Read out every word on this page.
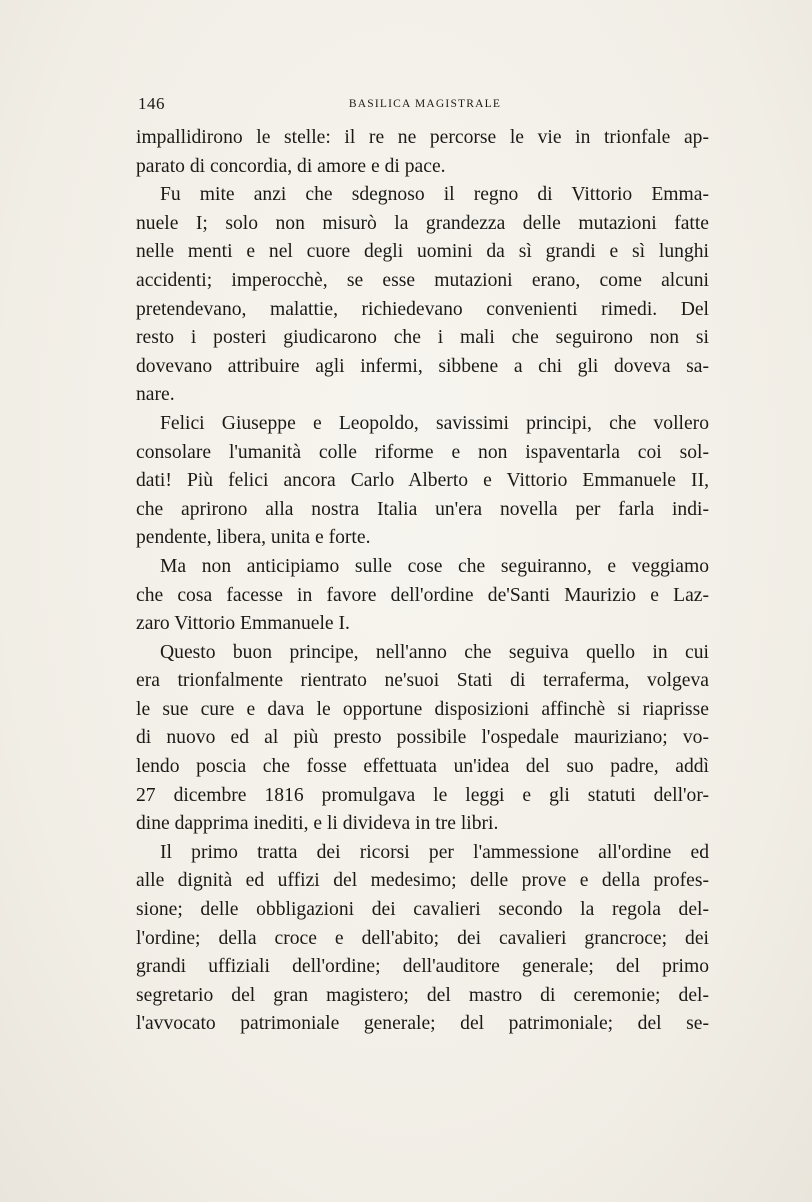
146	BASILICA MAGISTRALE
impallidirono le stelle: il re ne percorse le vie in trionfale ap-
parato di concordia, di amore e di pace.
Fu mite anzi che sdegnoso il regno di Vittorio Emma-
nuele I; solo non misurò la grandezza delle mutazioni fatte
nelle menti e nel cuore degli uomini da sì grandi e sì lunghi
accidenti; imperocchè, se esse mutazioni erano, come alcuni
pretendevano, malattie, richiedevano convenienti rimedi. Del
resto i posteri giudicarono che i mali che seguirono non si
dovevano attribuire agli infermi, sibbene a chi gli doveva sa-
nare.
Felici Giuseppe e Leopoldo, savissimi principi, che vollero
consolare l'umanità colle riforme e non ispaventarla coi sol-
dati! Più felici ancora Carlo Alberto e Vittorio Emmanuele II,
che aprirono alla nostra Italia un'era novella per farla indi-
pendente, libera, unita e forte.
Ma non anticipiamo sulle cose che seguiranno, e veggiamo
che cosa facesse in favore dell'ordine de'Santi Maurizio e Laz-
zaro Vittorio Emmanuele I.
Questo buon principe, nell'anno che seguiva quello in cui
era trionfalmente rientrato ne'suoi Stati di terraferma, volgeva
le sue cure e dava le opportune disposizioni affinchè si riaprisse
di nuovo ed al più presto possibile l'ospedale mauriziano; vo-
lendo poscia che fosse effettuata un'idea del suo padre, addì
27 dicembre 1816 promulgava le leggi e gli statuti dell'or-
dine dapprima inediti, e li divideva in tre libri.
Il primo tratta dei ricorsi per l'ammessione all'ordine ed
alle dignità ed uffizi del medesimo; delle prove e della profes-
sione; delle obbligazioni dei cavalieri secondo la regola del-
l'ordine; della croce e dell'abito; dei cavalieri grancroce; dei
grandi uffiziali dell'ordine; dell'auditore generale; del primo
segretario del gran magistero; del mastro di ceremonie; del-
l'avvocato patrimoniale generale; del patrimoniale; del se-
